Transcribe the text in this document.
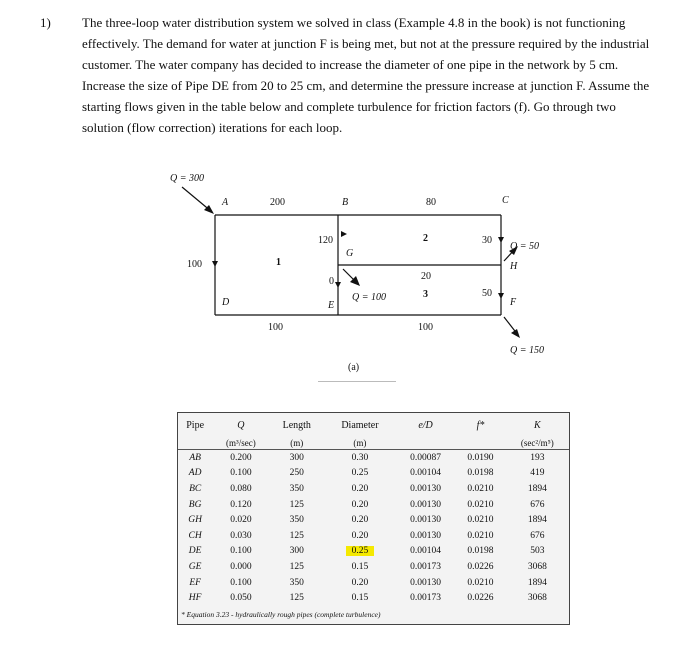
1) The three-loop water distribution system we solved in class (Example 4.8 in the book) is not functioning effectively. The demand for water at junction F is being met, but not at the pressure required by the industrial customer. The water company has decided to increase the diameter of one pipe in the network by 5 cm. Increase the size of Pipe DE from 20 to 25 cm, and determine the pressure increase at junction F. Assume the starting flows given in the table below and complete turbulence for friction factors (f). Go through two solution (flow correction) iterations for each loop.
Q = 300
A	B	C
D	E	F
G
H
200	80
100
100	100
120
0
30
50
20
1
2
3
Q = 100
Q = 50
Q = 150
(a)
Pipe	Q	Length	Diameter	e/D	f*	K
	(m³/sec)	(m)	(m)			(sec²/m⁵)
AB	0.200	300	0.30	0.00087	0.0190	193
AD	0.100	250	0.25	0.00104	0.0198	419
BC	0.080	350	0.20	0.00130	0.0210	1894
BG	0.120	125	0.20	0.00130	0.0210	676
GH	0.020	350	0.20	0.00130	0.0210	1894
CH	0.030	125	0.20	0.00130	0.0210	676
DE	0.100	300	0.25	0.00104	0.0198	503
GE	0.000	125	0.15	0.00173	0.0226	3068
EF	0.100	350	0.20	0.00130	0.0210	1894
HF	0.050	125	0.15	0.00173	0.0226	3068
* Equation 3.23 - hydraulically rough pipes (complete turbulence)
